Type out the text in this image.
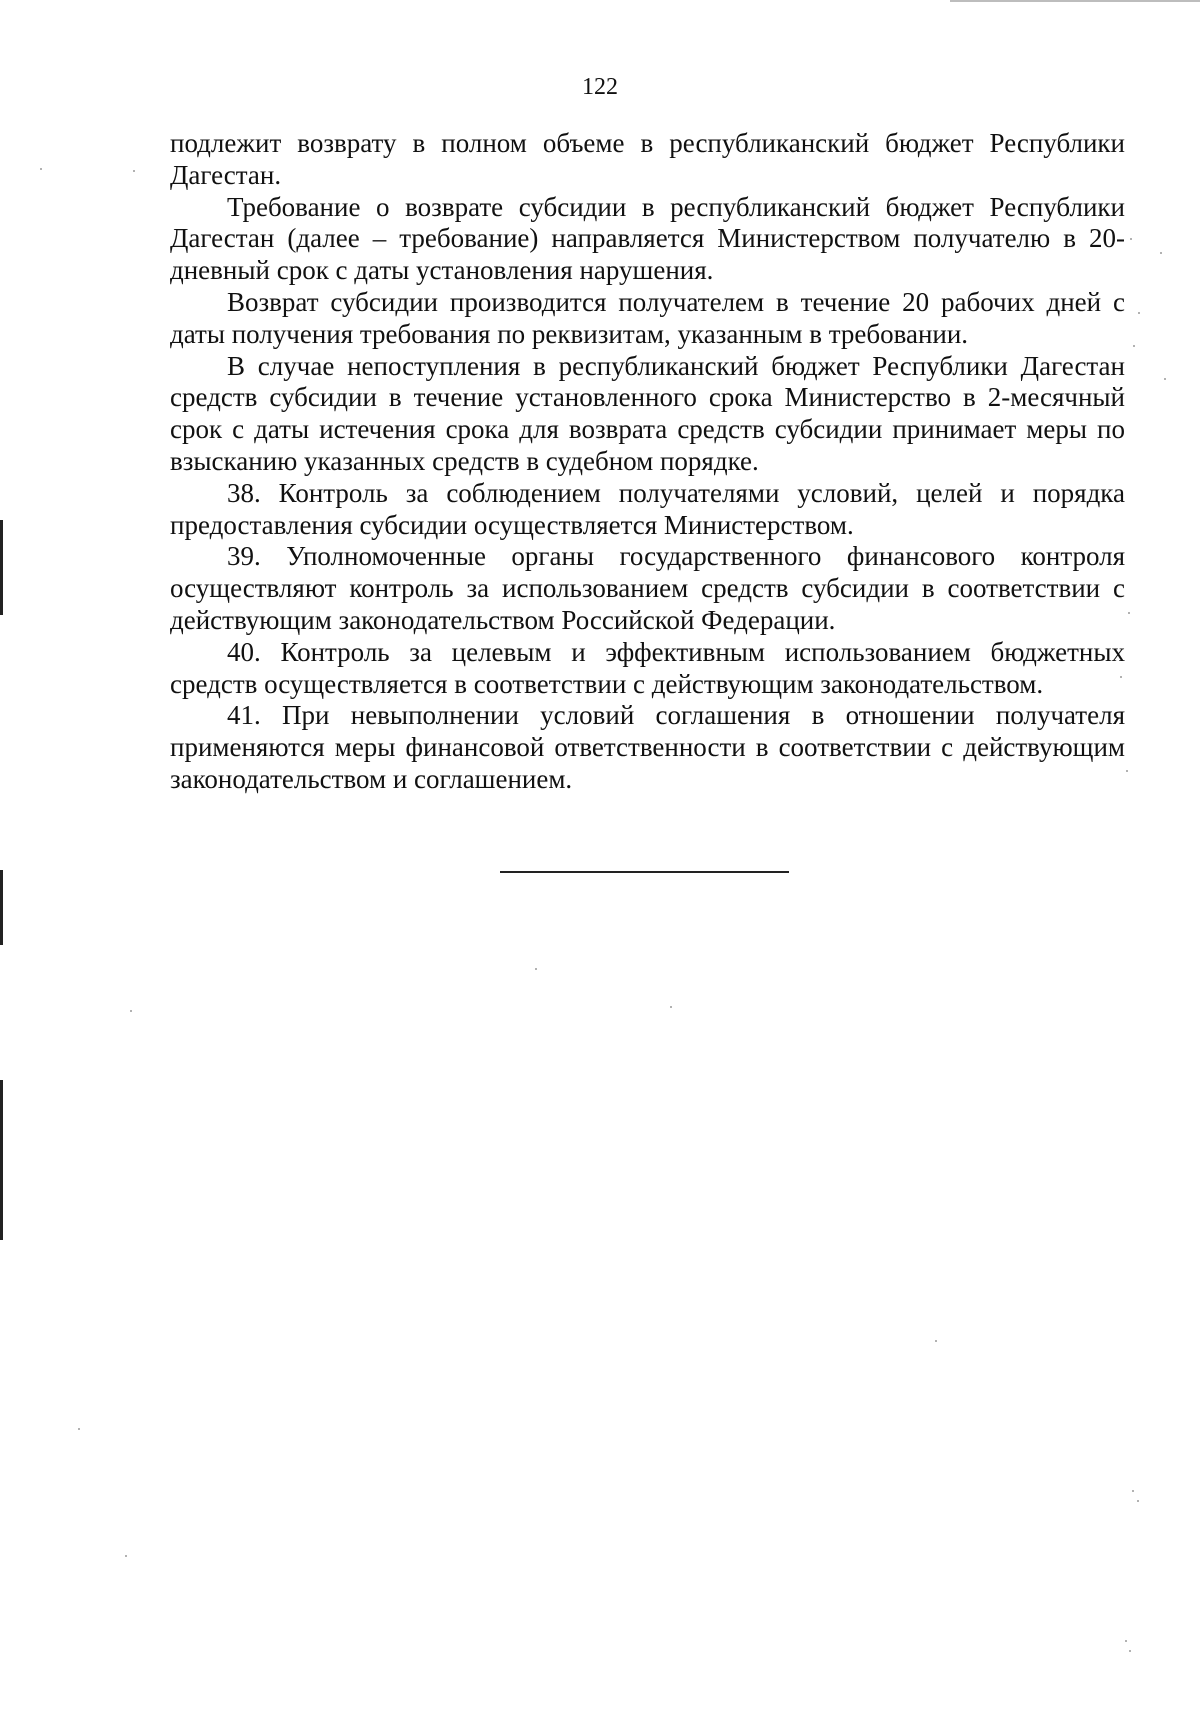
122

подлежит возврату в полном объеме в республиканский бюджет Республики Дагестан.

Требование о возврате субсидии в республиканский бюджет Республики Дагестан (далее – требование) направляется Министерством получателю в 20-дневный срок с даты установления нарушения.

Возврат субсидии производится получателем в течение 20 рабочих дней с даты получения требования по реквизитам, указанным в требовании.

В случае непоступления в республиканский бюджет Республики Дагестан средств субсидии в течение установленного срока Министерство в 2-месячный срок с даты истечения срока для возврата средств субсидии принимает меры по взысканию указанных средств в судебном порядке.

38. Контроль за соблюдением получателями условий, целей и порядка предоставления субсидии осуществляется Министерством.

39. Уполномоченные органы государственного финансового контроля осуществляют контроль за использованием средств субсидии в соответствии с действующим законодательством Российской Федерации.

40. Контроль за целевым и эффективным использованием бюджетных средств осуществляется в соответствии с действующим законодательством.

41. При невыполнении условий соглашения в отношении получателя применяются меры финансовой ответственности в соответствии с действующим законодательством и соглашением.
